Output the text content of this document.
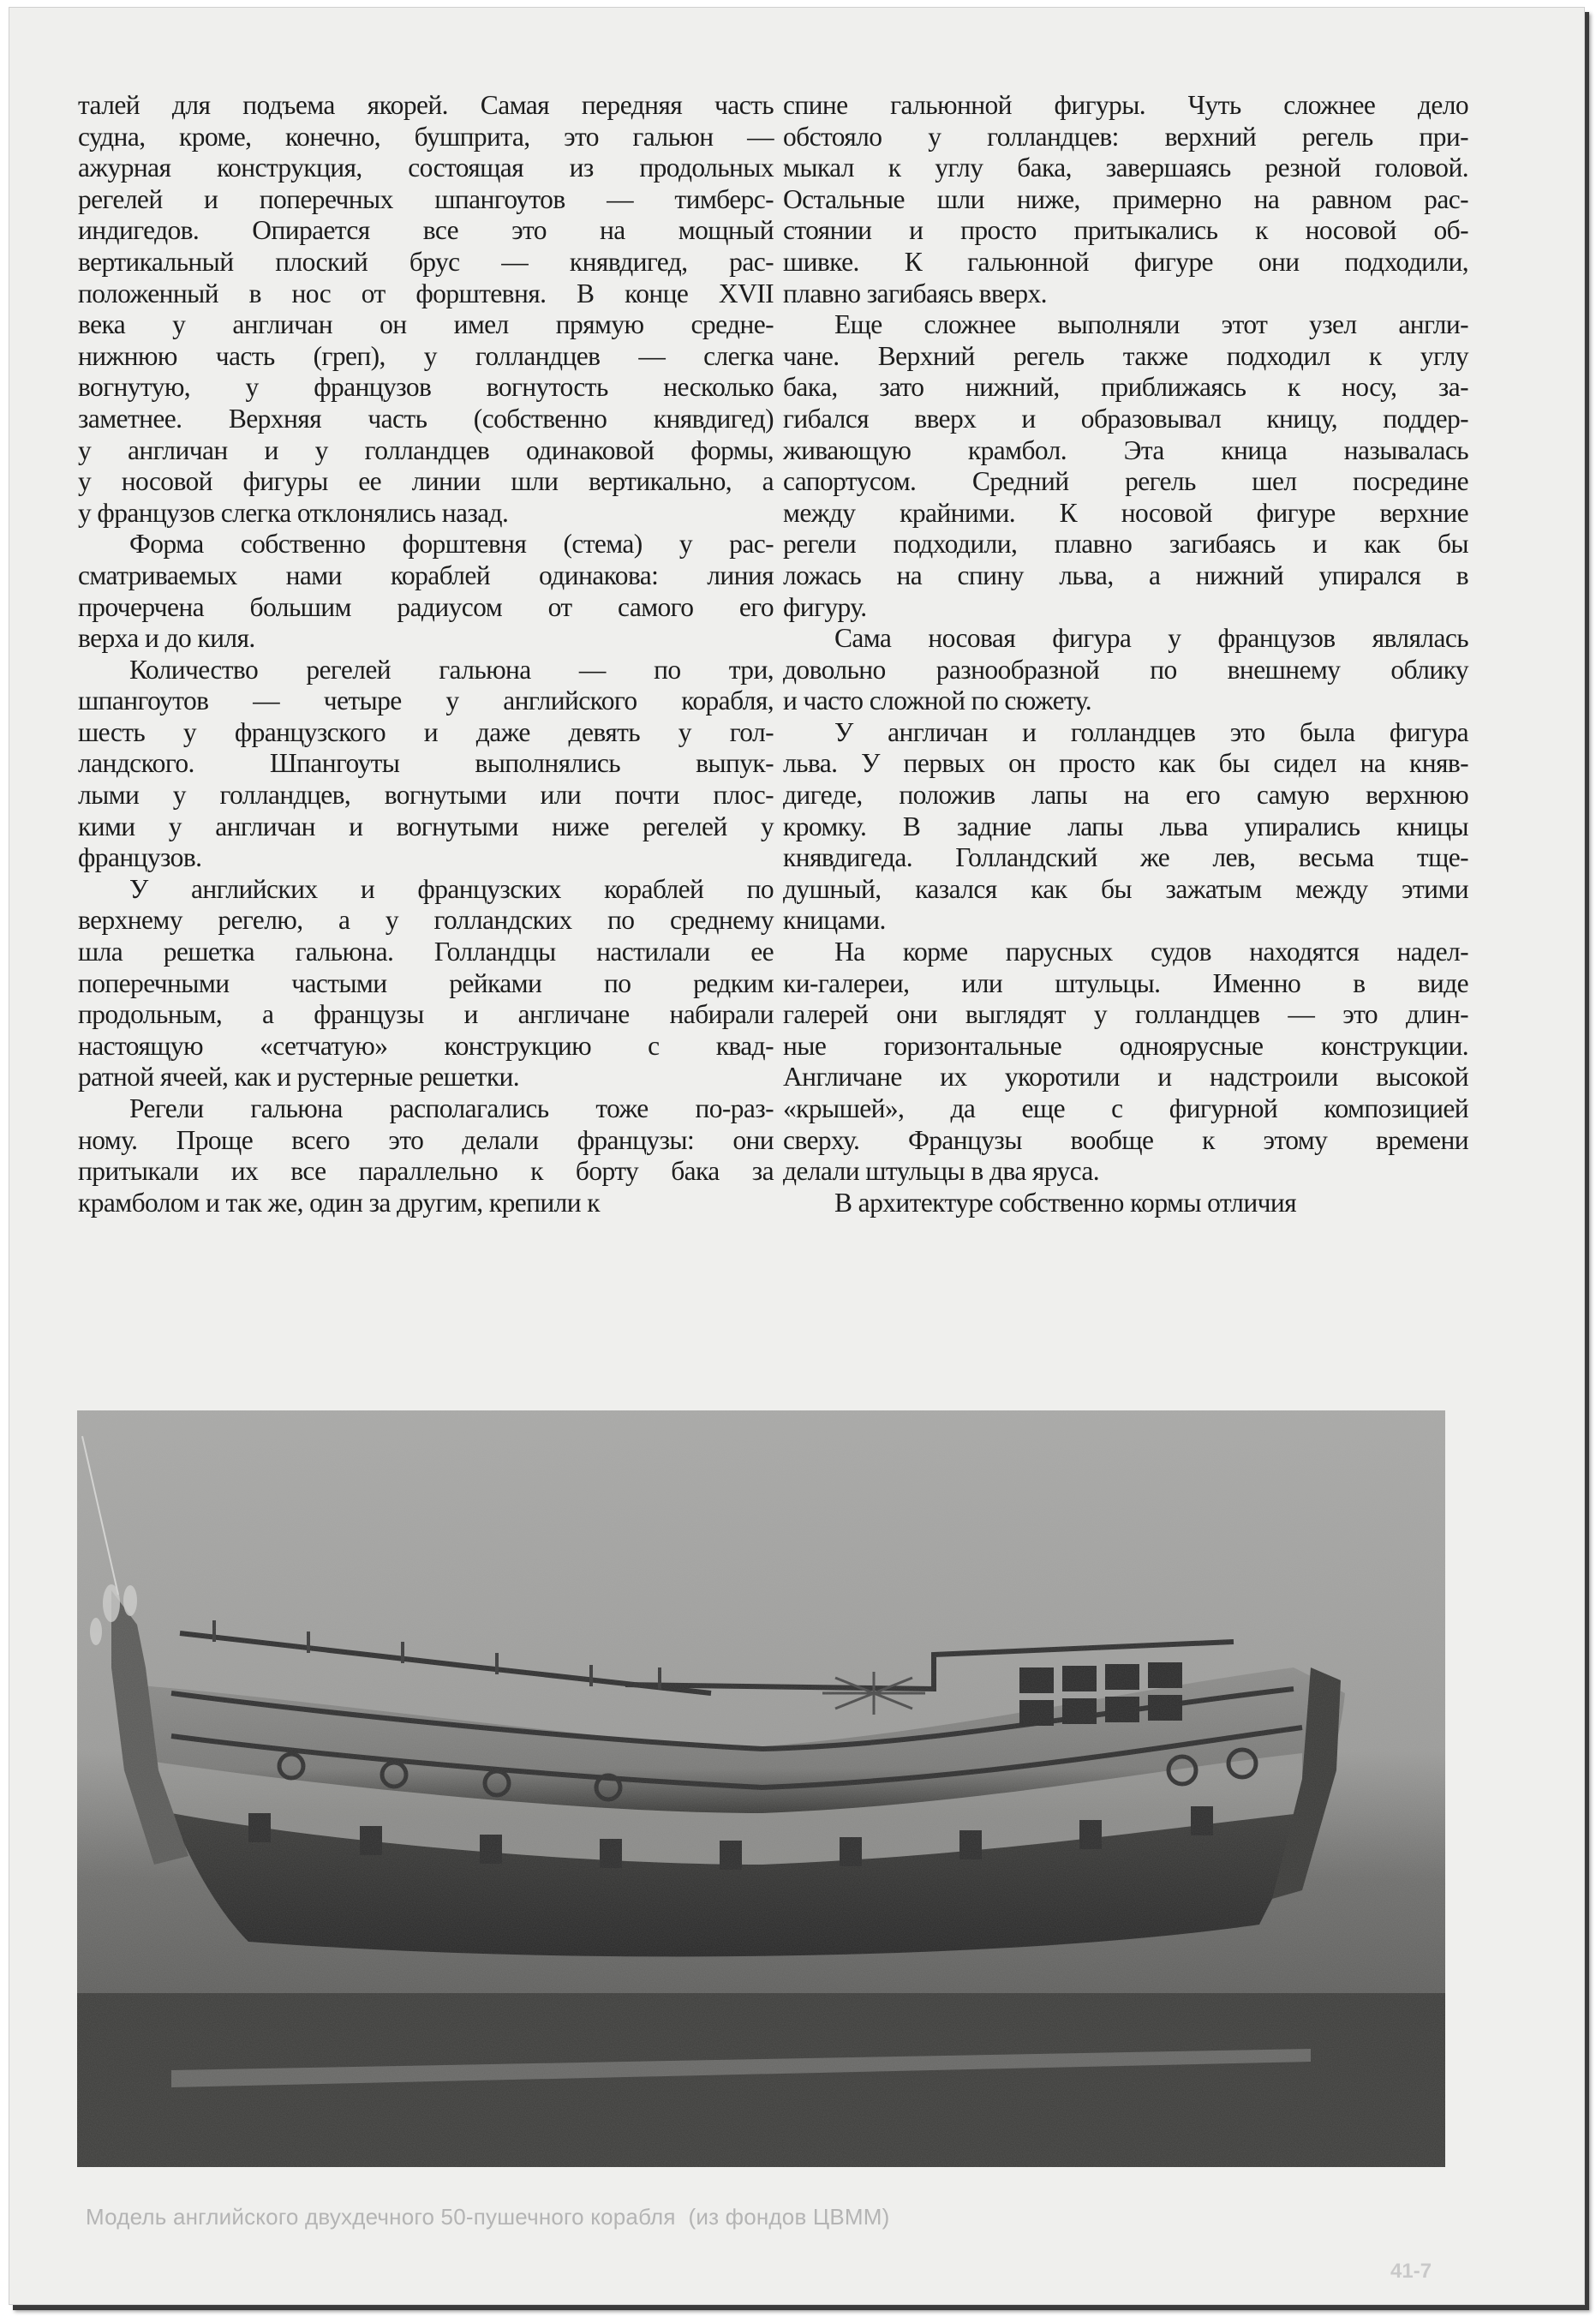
талей для подъема якорей. Самая передняя часть
судна, кроме, конечно, бушприта, это гальюн —
ажурная конструкция, состоящая из продольных
регелей и поперечных шпангоутов — тимберс-
индигедов. Опирается все это на мощный
вертикальный плоский брус — княвдигед, рас-
положенный в нос от форштевня. В конце XVII
века у англичан он имел прямую средне-
нижнюю часть (греп), у голландцев — слегка
вогнутую, у французов вогнутость несколько
заметнее. Верхняя часть (собственно княвдигед)
у англичан и у голландцев одинаковой формы,
у носовой фигуры ее линии шли вертикально, а
у французов слегка отклонялись назад.

Форма собственно форштевня (стема) у рас-
сматриваемых нами кораблей одинакова: линия
прочерчена большим радиусом от самого его
верха и до киля.

Количество регелей гальюна — по три,
шпангоутов — четыре у английского корабля,
шесть у французского и даже девять у гол-
ландского. Шпангоуты выполнялись выпук-
лыми у голландцев, вогнутыми или почти плос-
кими у англичан и вогнутыми ниже регелей у
французов.

У английских и французских кораблей по
верхнему регелю, а у голландских по среднему
шла решетка гальюна. Голландцы настилали ее
поперечными частыми рейками по редким
продольным, а французы и англичане набирали
настоящую «сетчатую» конструкцию с квад-
ратной ячеей, как и рустерные решетки.

Регели гальюна располагались тоже по-раз-
ному. Проще всего это делали французы: они
притыкали их все параллельно к борту бака за
крамболом и так же, один за другим, крепили к

спине гальюнной фигуры. Чуть сложнее дело
обстояло у голландцев: верхний регель при-
мыкал к углу бака, завершаясь резной головой.
Остальные шли ниже, примерно на равном рас-
стоянии и просто притыкались к носовой об-
шивке. К гальюнной фигуре они подходили,
плавно загибаясь вверх.

Еще сложнее выполняли этот узел англи-
чане. Верхний регель также подходил к углу
бака, зато нижний, приближаясь к носу, за-
гибался вверх и образовывал кницу, поддер-
живающую крамбол. Эта кница называлась
сапортусом. Средний регель шел посредине
между крайними. К носовой фигуре верхние
регели подходили, плавно загибаясь и как бы
ложась на спину льва, а нижний упирался в
фигуру.

Сама носовая фигура у французов являлась
довольно разнообразной по внешнему облику
и часто сложной по сюжету.

У англичан и голландцев это была фигура
льва. У первых он просто как бы сидел на княв-
дигеде, положив лапы на его самую верхнюю
кромку. В задние лапы льва упирались кницы
княвдигеда. Голландский же лев, весьма тще-
душный, казался как бы зажатым между этими
кницами.

На корме парусных судов находятся надел-
ки-галереи, или штульцы. Именно в виде
галерей они выглядят у голландцев — это длин-
ные горизонтальные одноярусные конструкции.
Англичане их укоротили и надстроили высокой
«крышей», да еще с фигурной композицией
сверху. Французы вообще к этому времени
делали штульцы в два яруса.

В архитектуре собственно кормы отличия

Модель английского двухдечного 50-пушечного корабля  (из фондов ЦВММ)
41-7
